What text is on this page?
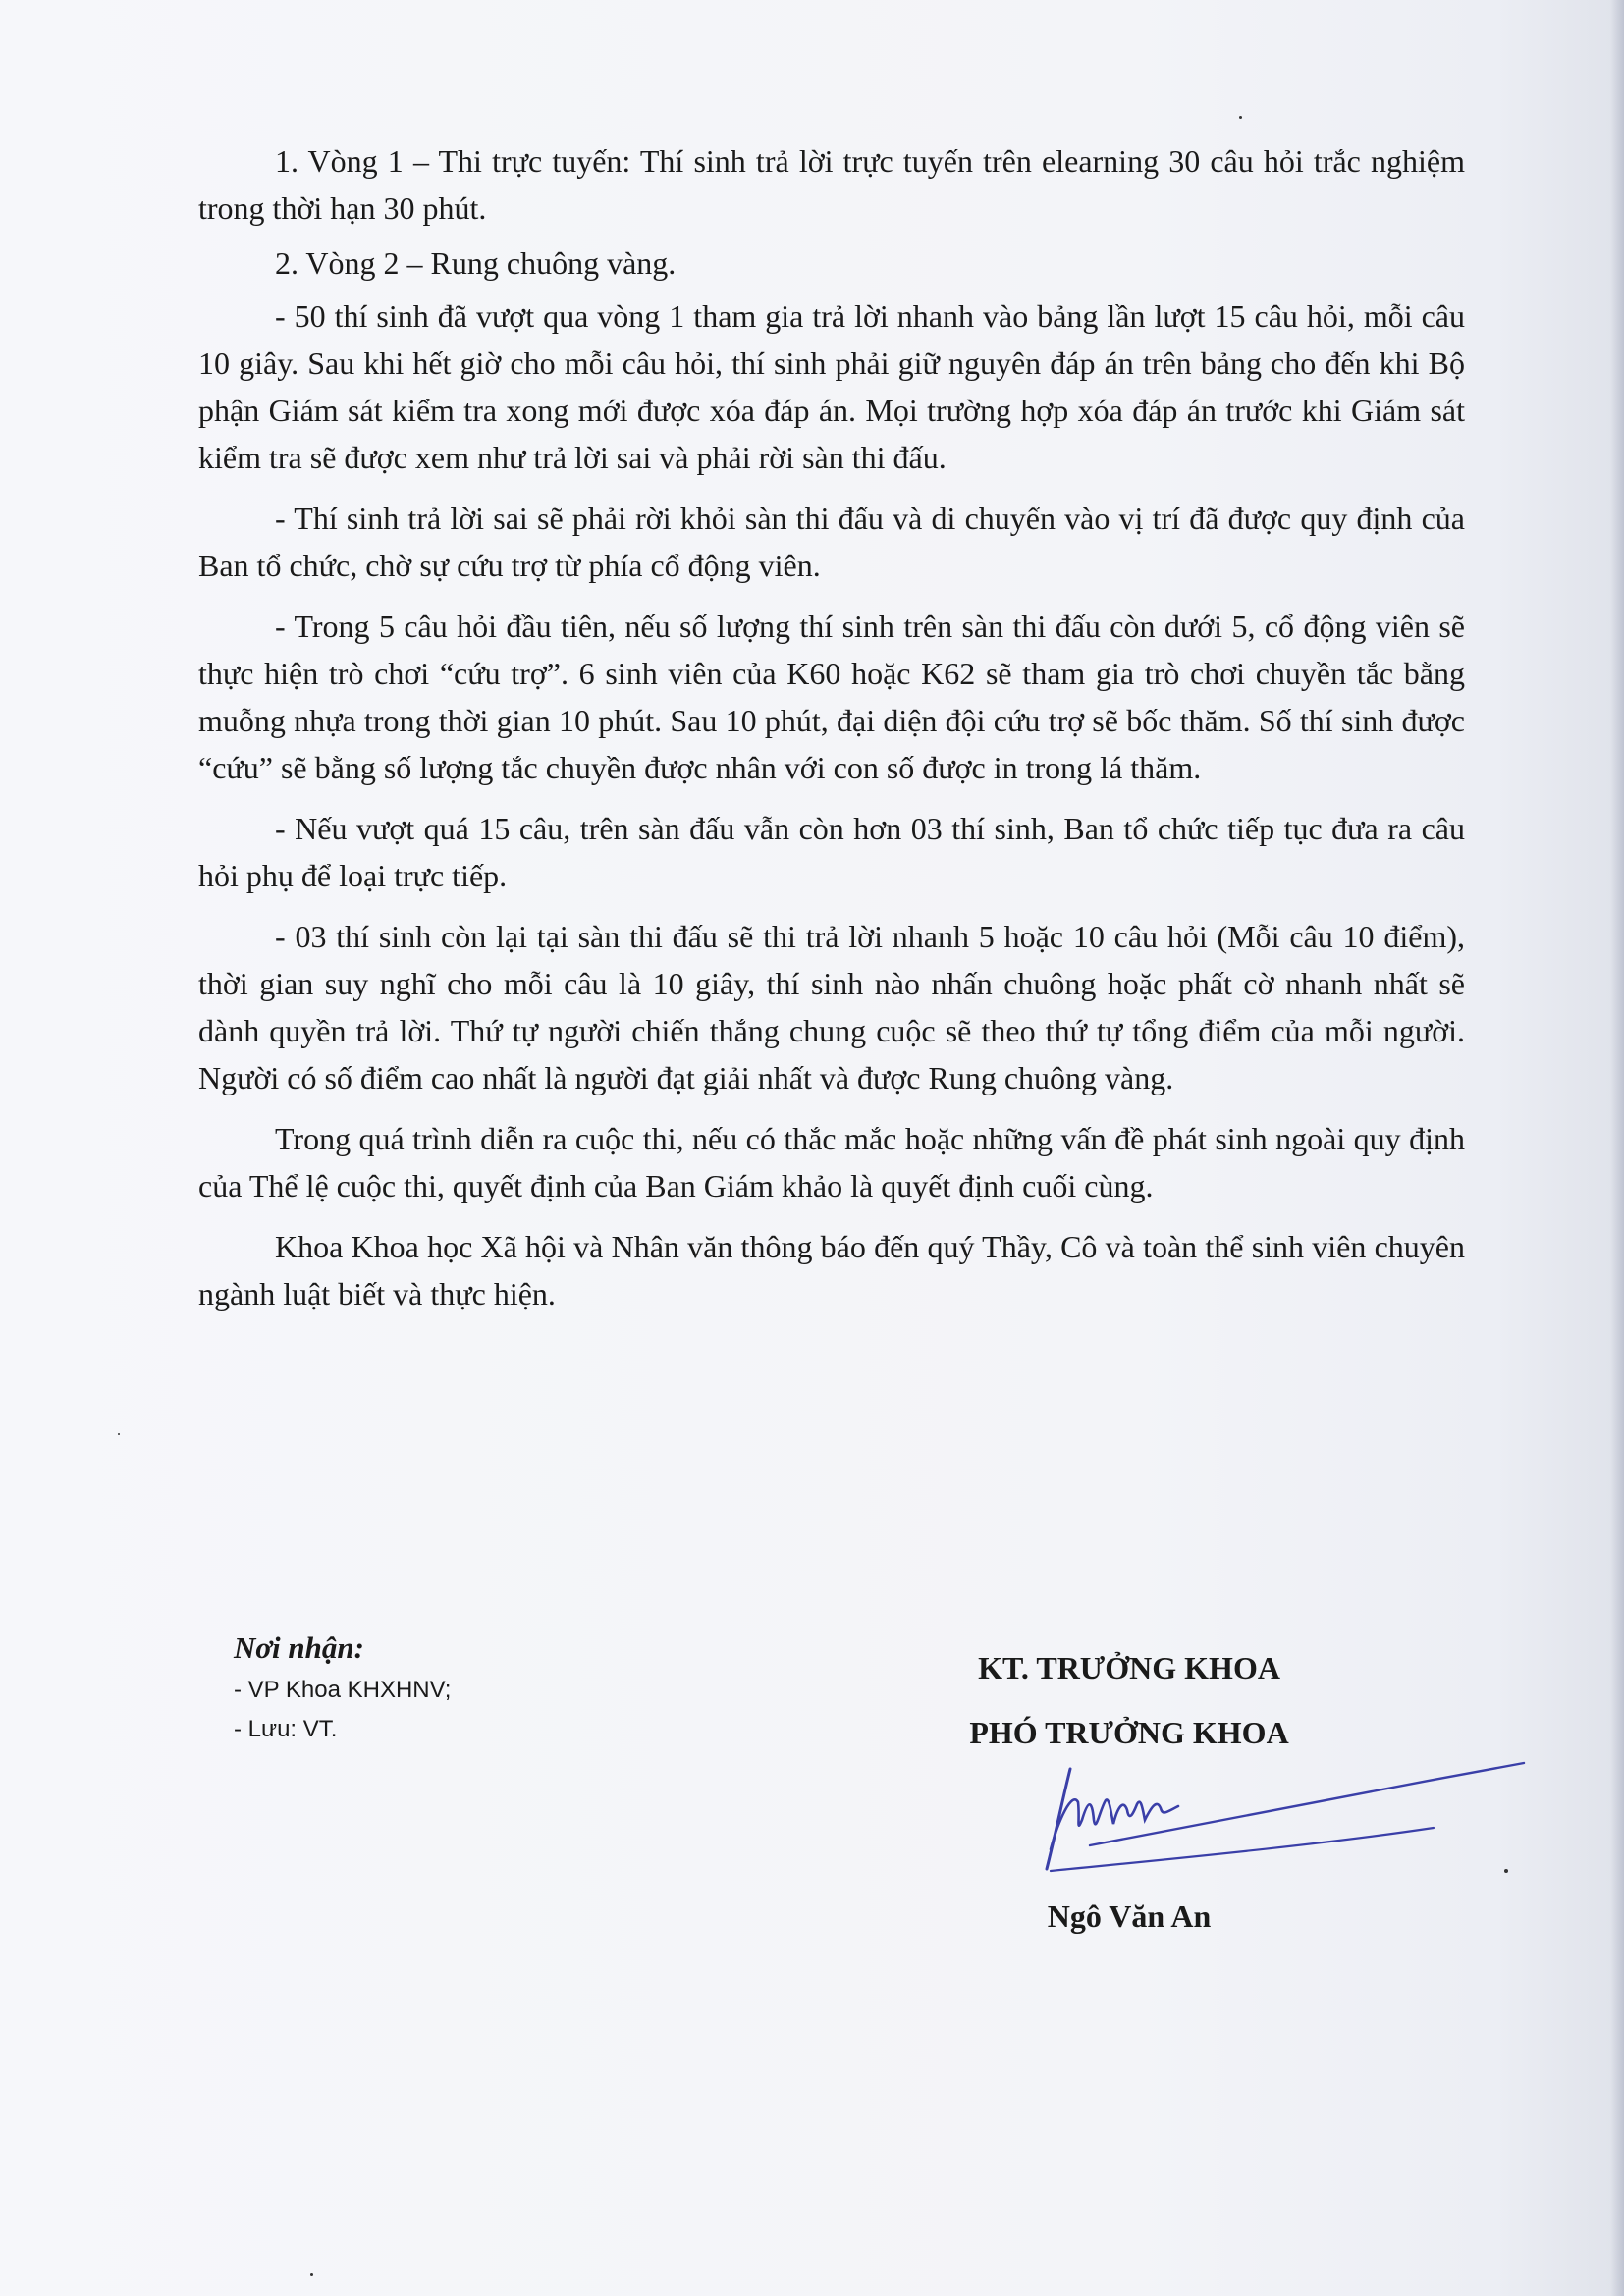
1. Vòng 1 – Thi trực tuyến: Thí sinh trả lời trực tuyến trên elearning 30 câu hỏi trắc nghiệm trong thời hạn 30 phút.

2. Vòng 2 – Rung chuông vàng.

- 50 thí sinh đã vượt qua vòng 1 tham gia trả lời nhanh vào bảng lần lượt 15 câu hỏi, mỗi câu 10 giây. Sau khi hết giờ cho mỗi câu hỏi, thí sinh phải giữ nguyên đáp án trên bảng cho đến khi Bộ phận Giám sát kiểm tra xong mới được xóa đáp án. Mọi trường hợp xóa đáp án trước khi Giám sát kiểm tra sẽ được xem như trả lời sai và phải rời sàn thi đấu.

- Thí sinh trả lời sai sẽ phải rời khỏi sàn thi đấu và di chuyển vào vị trí đã được quy định của Ban tổ chức, chờ sự cứu trợ từ phía cổ động viên.

- Trong 5 câu hỏi đầu tiên, nếu số lượng thí sinh trên sàn thi đấu còn dưới 5, cổ động viên sẽ thực hiện trò chơi “cứu trợ”. 6 sinh viên của K60 hoặc K62 sẽ tham gia trò chơi chuyền tắc bằng muỗng nhựa trong thời gian 10 phút. Sau 10 phút, đại diện đội cứu trợ sẽ bốc thăm. Số thí sinh được “cứu” sẽ bằng số lượng tắc chuyền được nhân với con số được in trong lá thăm.

- Nếu vượt quá 15 câu, trên sàn đấu vẫn còn hơn 03 thí sinh, Ban tổ chức tiếp tục đưa ra câu hỏi phụ để loại trực tiếp.

- 03 thí sinh còn lại tại sàn thi đấu sẽ thi trả lời nhanh 5 hoặc 10 câu hỏi (Mỗi câu 10 điểm), thời gian suy nghĩ cho mỗi câu là 10 giây, thí sinh nào nhấn chuông hoặc phất cờ nhanh nhất sẽ dành quyền trả lời. Thứ tự người chiến thắng chung cuộc sẽ theo thứ tự tổng điểm của mỗi người. Người có số điểm cao nhất là người đạt giải nhất và được Rung chuông vàng.

Trong quá trình diễn ra cuộc thi, nếu có thắc mắc hoặc những vấn đề phát sinh ngoài quy định của Thể lệ cuộc thi, quyết định của Ban Giám khảo là quyết định cuối cùng.

Khoa Khoa học Xã hội và Nhân văn thông báo đến quý Thầy, Cô và toàn thể sinh viên chuyên ngành luật biết và thực hiện.

Nơi nhận:

- VP Khoa KHXHNV;

- Lưu: VT.

KT. TRƯỞNG KHOA

PHÓ TRƯỞNG KHOA

Ngô Văn An
